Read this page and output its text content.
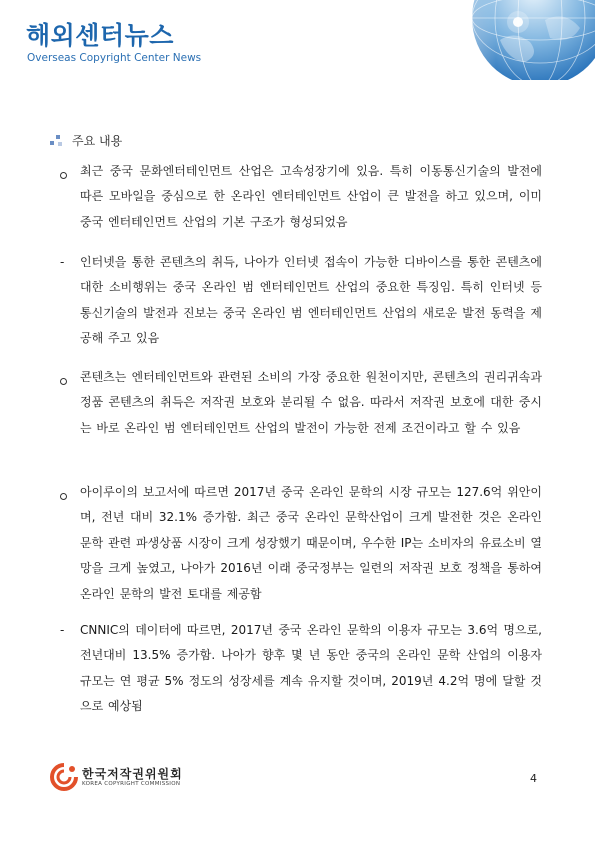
해외센터뉴스
Overseas Copyright Center News
주요 내용
최근 중국 문화엔터테인먼트 산업은 고속성장기에 있음. 특히 이동통신기술의 발전에 따른 모바일을 중심으로 한 온라인 엔터테인먼트 산업이 큰 발전을 하고 있으며, 이미 중국 엔터테인먼트 산업의 기본 구조가 형성되었음
- 인터넷을 통한 콘텐츠의 취득, 나아가 인터넷 접속이 가능한 디바이스를 통한 콘텐츠에 대한 소비행위는 중국 온라인 범 엔터테인먼트 산업의 중요한 특징임. 특히 인터넷 등 통신기술의 발전과 진보는 중국 온라인 범 엔터테인먼트 산업의 새로운 발전 동력을 제공해 주고 있음
콘텐츠는 엔터테인먼트와 관련된 소비의 가장 중요한 원천이지만, 콘텐츠의 권리귀속과 정품 콘텐츠의 취득은 저작권 보호와 분리될 수 없음. 따라서 저작권 보호에 대한 중시는 바로 온라인 범 엔터테인먼트 산업의 발전이 가능한 전제 조건이라고 할 수 있음
아이루이의 보고서에 따르면 2017년 중국 온라인 문학의 시장 규모는 127.6억 위안이며, 전년 대비 32.1% 증가함. 최근 중국 온라인 문학산업이 크게 발전한 것은 온라인 문학 관련 파생상품 시장이 크게 성장했기 때문이며, 우수한 IP는 소비자의 유료소비 열망을 크게 높였고, 나아가 2016년 이래 중국정부는 일련의 저작권 보호 정책을 통하여 온라인 문학의 발전 토대를 제공함
- CNNIC의 데이터에 따르면, 2017년 중국 온라인 문학의 이용자 규모는 3.6억 명으로, 전년대비 13.5% 증가함. 나아가 향후 몇 년 동안 중국의 온라인 문학 산업의 이용자 규모는 연 평균 5% 정도의 성장세를 계속 유지할 것이며, 2019년 4.2억 명에 달할 것으로 예상됨
한국저작권위원회
KOREA COPYRIGHT COMMISSION	4
